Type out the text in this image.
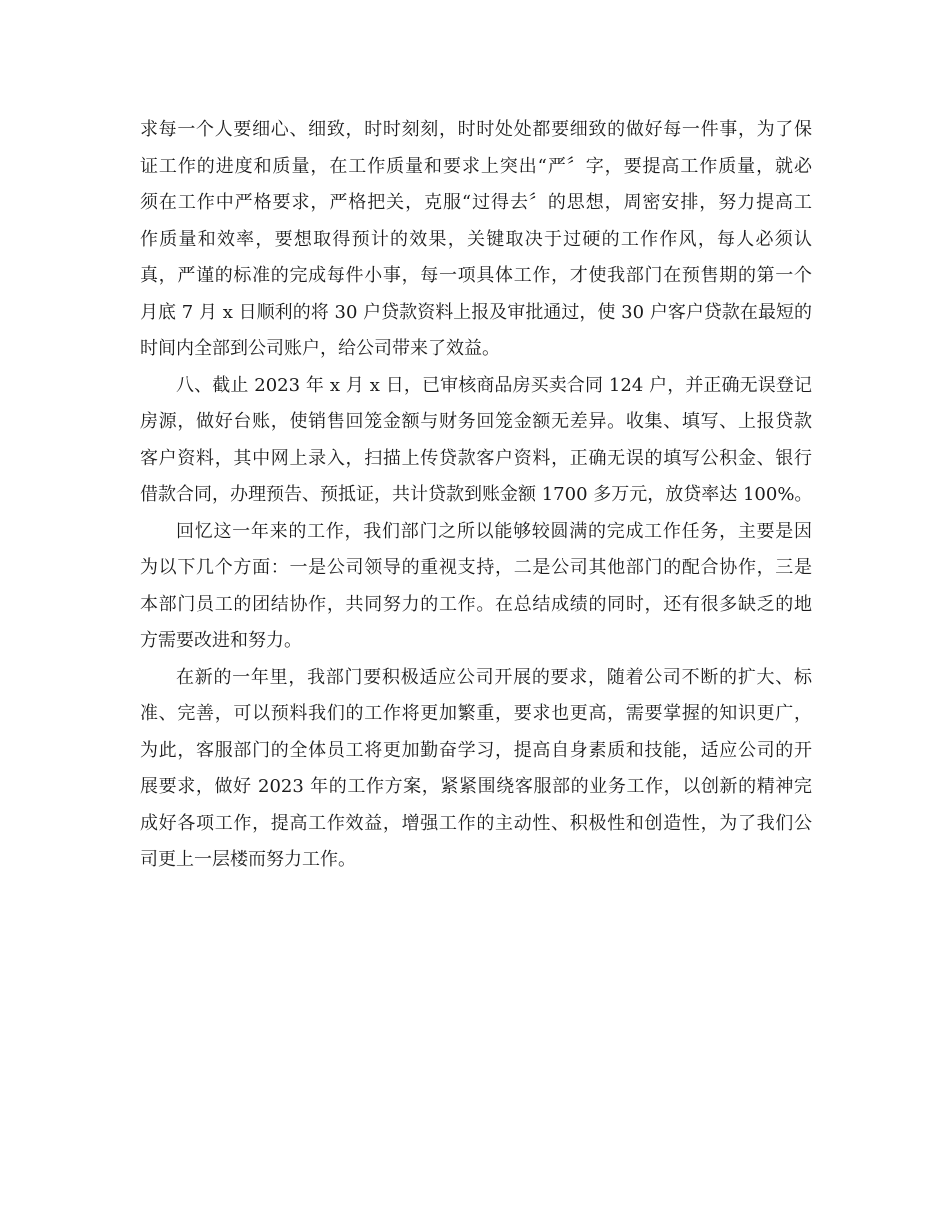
求每一个人要细心、细致，时时刻刻，时时处处都要细致的做好每一件事，为了保
证工作的进度和质量，在工作质量和要求上突出“严〞字，要提高工作质量，就必
须在工作中严格要求，严格把关，克服“过得去〞的思想，周密安排，努力提高工
作质量和效率，要想取得预计的效果，关键取决于过硬的工作作风，每人必须认
真，严谨的标准的完成每件小事，每一项具体工作，才使我部门在预售期的第一个
月底 7 月 x 日顺利的将 30 户贷款资料上报及审批通过，使 30 户客户贷款在最短的
时间内全部到公司账户，给公司带来了效益。
八、截止 2023 年 x 月 x 日，已审核商品房买卖合同 124 户，并正确无误登记
房源，做好台账，使销售回笼金额与财务回笼金额无差异。收集、填写、上报贷款
客户资料，其中网上录入，扫描上传贷款客户资料，正确无误的填写公积金、银行
借款合同，办理预告、预抵证，共计贷款到账金额 1700 多万元，放贷率达 100%。
回忆这一年来的工作，我们部门之所以能够较圆满的完成工作任务，主要是因
为以下几个方面：一是公司领导的重视支持，二是公司其他部门的配合协作，三是
本部门员工的团结协作，共同努力的工作。在总结成绩的同时，还有很多缺乏的地
方需要改进和努力。
在新的一年里，我部门要积极适应公司开展的要求，随着公司不断的扩大、标
准、完善，可以预料我们的工作将更加繁重，要求也更高，需要掌握的知识更广，
为此，客服部门的全体员工将更加勤奋学习，提高自身素质和技能，适应公司的开
展要求，做好 2023 年的工作方案，紧紧围绕客服部的业务工作，以创新的精神完
成好各项工作，提高工作效益，增强工作的主动性、积极性和创造性，为了我们公
司更上一层楼而努力工作。
